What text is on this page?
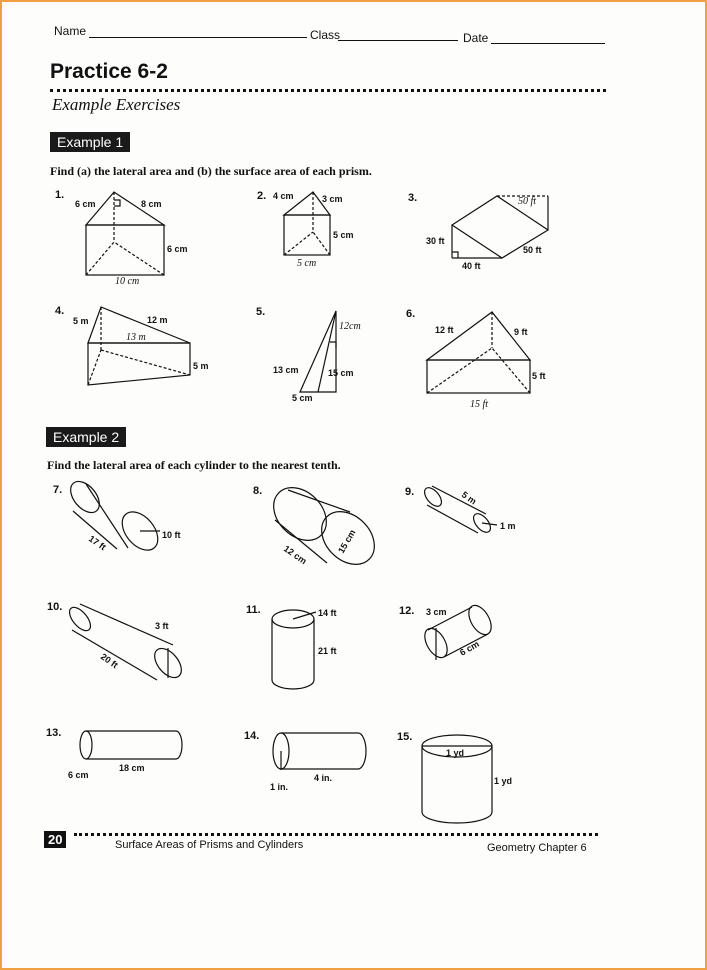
Name	Class	Date
Practice 6-2
Example Exercises
Example 1
Find (a) the lateral area and (b) the surface area of each prism.
Example 2
Find the lateral area of each cylinder to the nearest tenth.
1.
6 cm	8 cm
6 cm
10 cm
2. 4 cm	3 cm
5 cm
5 cm
3.	50 ft
30 ft
50 ft
40 ft
4.
5 m	12 m
13 m
5 m
5.
12cm
13 cm	15 cm
5 cm
6.
12 ft	9 ft
5 ft
15 ft
7.
17 ft	10 ft
8.
12 cm	15 cm
9.	5 m
1 m
10.
3 ft
20 ft
11.	14 ft
21 ft
12. 3 cm
6 cm
13.
6 cm
18 cm
14.
4 in.
1 in.
15.
1 yd
1 yd
20	Surface Areas of Prisms and Cylinders	Geometry Chapter 6
